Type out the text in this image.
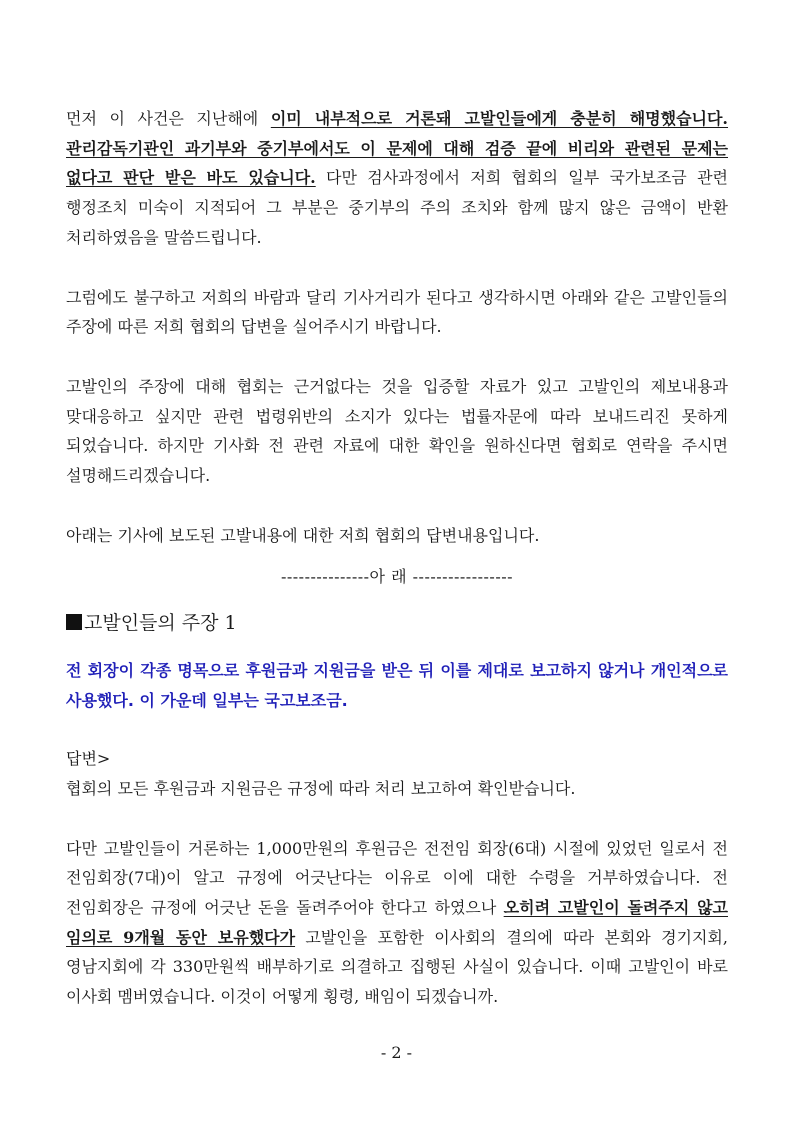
먼저 이 사건은 지난해에 이미 내부적으로 거론돼 고발인들에게 충분히 해명했습니다. 관리감독기관인 과기부와 중기부에서도 이 문제에 대해 검증 끝에 비리와 관련된 문제는 없다고 판단 받은 바도 있습니다. 다만 검사과정에서 저희 협회의 일부 국가보조금 관련 행정조치 미숙이 지적되어 그 부분은 중기부의 주의 조치와 함께 많지 않은 금액이 반환 처리하였음을 말씀드립니다.

그럼에도 불구하고 저희의 바람과 달리 기사거리가 된다고 생각하시면 아래와 같은 고발인들의 주장에 따른 저희 협회의 답변을 실어주시기 바랍니다.

고발인의 주장에 대해 협회는 근거없다는 것을 입증할 자료가 있고 고발인의 제보내용과 맞대응하고 싶지만 관련 법령위반의 소지가 있다는 법률자문에 따라 보내드리진 못하게 되었습니다. 하지만 기사화 전 관련 자료에 대한 확인을 원하신다면 협회로 연락을 주시면 설명해드리겠습니다.

아래는 기사에 보도된 고발내용에 대한 저희 협회의 답변내용입니다.

---------------아 래 -----------------

고발인들의 주장 1

전 회장이 각종 명목으로 후원금과 지원금을 받은 뒤 이를 제대로 보고하지 않거나 개인적으로 사용했다. 이 가운데 일부는 국고보조금.

답변>

협회의 모든 후원금과 지원금은 규정에 따라 처리 보고하여 확인받습니다.

다만 고발인들이 거론하는 1,000만원의 후원금은 전전임 회장(6대) 시절에 있었던 일로서 전 전임회장(7대)이 알고 규정에 어긋난다는 이유로 이에 대한 수령을 거부하였습니다. 전 전임회장은 규정에 어긋난 돈을 돌려주어야 한다고 하였으나 오히려 고발인이 돌려주지 않고 임의로 9개월 동안 보유했다가 고발인을 포함한 이사회의 결의에 따라 본회와 경기지회, 영남지회에 각 330만원씩 배부하기로 의결하고 집행된 사실이 있습니다. 이때 고발인이 바로 이사회 멤버였습니다. 이것이 어떻게 횡령, 배임이 되겠습니까.

- 2 -
